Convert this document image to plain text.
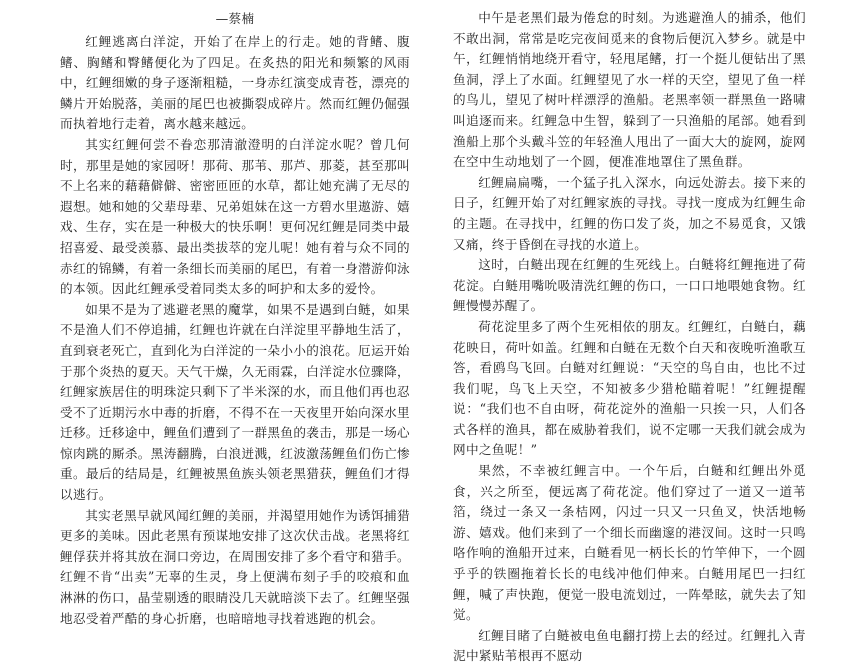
—蔡楠

红鲤逃离白洋淀，开始了在岸上的行走。她的背鳍、腹鳍、胸鳍和臀鳍便化为了四足。在炙热的阳光和频繁的风雨中，红鲤细嫩的身子逐渐粗糙，一身赤红演变成青苍，漂亮的鳞片开始脱落，美丽的尾巴也被撕裂成碎片。然而红鲤仍倔强而执着地行走着，离水越来越远。

其实红鲤何尝不眷恋那清澈澄明的白洋淀水呢？曾几何时，那里是她的家园呀！那荷、那苇、那芦、那菱，甚至那叫不上名来的藉藉僻僻、密密匝匝的水草，都让她充满了无尽的遐想。她和她的父辈母辈、兄弟姐妹在这一方碧水里遨游、嬉戏、生存，实在是一种极大的快乐啊！更何况红鲤是同类中最招喜爱、最受羡慕、最出类拔萃的宠儿呢！她有着与众不同的赤红的锦鳞，有着一条细长而美丽的尾巴，有着一身潜游仰泳的本领。因此红鲤承受着同类太多的呵护和太多的爱怜。

如果不是为了逃避老黑的魔掌，如果不是遇到白鲢，如果不是渔人们不停追捕，红鲤也许就在白洋淀里平静地生活了，直到衰老死亡，直到化为白洋淀的一朵小小的浪花。厄运开始于那个炎热的夏天。天气干燥，久无雨霖，白洋淀水位骤降，红鲤家族居住的明珠淀只剩下了半米深的水，而且他们再也忍受不了近期污水中毒的折磨，不得不在一天夜里开始向深水里迁移。迁移途中，鲤鱼们遭到了一群黑鱼的袭击，那是一场心惊肉跳的厮杀。黑涛翻腾，白浪迸溅，红波激荡鲤鱼们伤亡惨重。最后的结局是，红鲤被黑鱼族头领老黑猎获，鲤鱼们才得以逃行。

其实老黑早就风闻红鲤的美丽，并渴望用她作为诱饵捕猎更多的美味。因此老黑有预谋地安排了这次伏击战。老黑将红鲤俘获并将其放在洞口旁边，在周围安排了多个看守和猎手。红鲤不肯“出卖”无辜的生灵，身上便满布刻子手的咬痕和血淋淋的伤口，晶莹剔透的眼睛没几天就暗淡下去了。红鲤坚强地忍受着严酷的身心折磨，也暗暗地寻找着逃跑的机会。

中午是老黑们最为倦怠的时刻。为逃避渔人的捕杀，他们不敢出洞，常常是吃完夜间觅来的食物后便沉入梦乡。就是中午，红鲤悄悄地绕开看守，轻甩尾鳍，打一个挺儿便钻出了黑鱼洞，浮上了水面。红鲤望见了水一样的天空，望见了鱼一样的鸟儿，望见了树叶样漂浮的渔船。老黑率领一群黑鱼一路啸叫追逐而来。红鲤急中生智，躲到了一只渔船的尾部。她看到渔船上那个头戴斗笠的年轻渔人甩出了一面大大的旋网，旋网在空中生动地划了一个圆，便准准地罩住了黑鱼群。

红鲤扁扁嘴，一个猛子扎入深水，向远处游去。接下来的日子，红鲤开始了对红鲤家族的寻找。寻找一度成为红鲤生命的主题。在寻找中，红鲤的伤口发了炎，加之不易觅食，又饿又痛，终于昏倒在寻找的水道上。

这时，白鲢出现在红鲤的生死线上。白鲢将红鲤拖进了荷花淀。白鲢用嘴吮吸清洗红鲤的伤口，一口口地喂她食物。红鲤慢慢苏醒了。

荷花淀里多了两个生死相依的朋友。红鲤红，白鲢白，藕花映日，荷叶如盖。红鲤和白鲢在无数个白天和夜晚听渔歌互答，看鸥鸟飞回。白鲢对红鲤说：“天空的鸟自由，也比不过我们呢，鸟飞上天空，不知被多少猎枪瞄着呢！”红鲤提醒说：“我们也不自由呀，荷花淀外的渔船一只挨一只，人们各式各样的渔具，都在威胁着我们，说不定哪一天我们就会成为网中之鱼呢！”

果然，不幸被红鲤言中。一个午后，白鲢和红鲤出外觅食，兴之所至，便远离了荷花淀。他们穿过了一道又一道苇箔，绕过一条又一条桔网，闪过一只又一只鱼叉，快活地畅游、嬉戏。他们来到了一个细长而幽邃的港汊间。这时一只鸣咯作响的渔船开过来，白鲢看见一柄长长的竹竿伸下，一个圆乎乎的铁圈拖着长长的电线冲他们伸来。白鲢用尾巴一扫红鲤，喊了声快跑，便觉一股电流划过，一阵晕眩，就失去了知觉。

红鲤目睹了白鲢被电鱼电翻打捞上去的经过。红鲤扎入青泥中紧贴苇根再不愿动
